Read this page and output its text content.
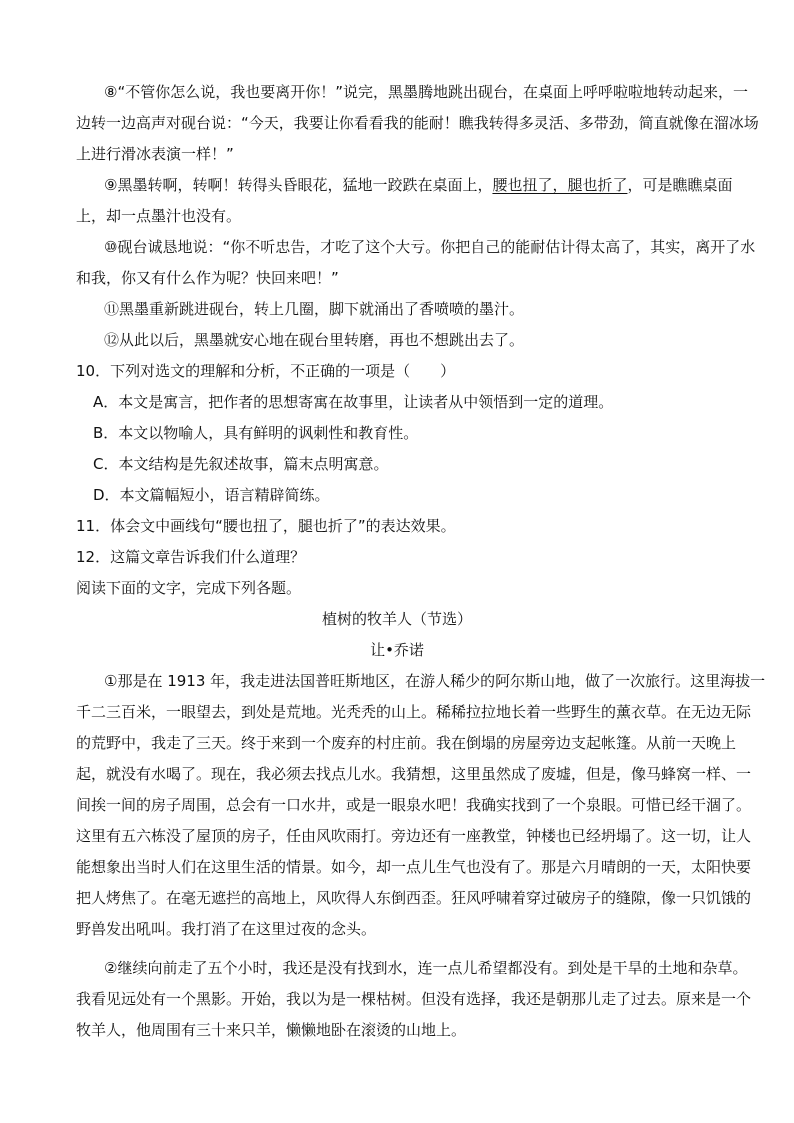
⑧“不管你怎么说，我也要离开你！”说完，黑墨腾地跳出砚台，在桌面上呼呼啦啦地转动起来，一
边转一边高声对砚台说：“今天，我要让你看看我的能耐！瞧我转得多灵活、多带劲，简直就像在溜冰场
上进行滑冰表演一样！”
⑨黑墨转啊，转啊！转得头昏眼花，猛地一跤跌在桌面上，腰也扭了，腿也折了，可是瞧瞧桌面
上，却一点墨汁也没有。
⑩砚台诚恳地说：“你不听忠告，才吃了这个大亏。你把自己的能耐估计得太高了，其实，离开了水
和我，你又有什么作为呢？快回来吧！”
⑪黑墨重新跳进砚台，转上几圈，脚下就涌出了香喷喷的墨汁。
⑫从此以后，黑墨就安心地在砚台里转磨，再也不想跳出去了。
10．下列对选文的理解和分析，不正确的一项是（　　）
A．本文是寓言，把作者的思想寄寓在故事里，让读者从中领悟到一定的道理。
B．本文以物喻人，具有鲜明的讽刺性和教育性。
C．本文结构是先叙述故事，篇末点明寓意。
D．本文篇幅短小，语言精辟简练。
11．体会文中画线句“腰也扭了，腿也折了”的表达效果。
12．这篇文章告诉我们什么道理？
阅读下面的文字，完成下列各题。
植树的牧羊人（节选）
让•乔诺
①那是在 1913 年，我走进法国普旺斯地区，在游人稀少的阿尔斯山地，做了一次旅行。这里海拔一
千二三百米，一眼望去，到处是荒地。光秃秃的山上。稀稀拉拉地长着一些野生的薰衣草。在无边无际
的荒野中，我走了三天。终于来到一个废弃的村庄前。我在倒塌的房屋旁边支起帐篷。从前一天晚上
起，就没有水喝了。现在，我必须去找点儿水。我猜想，这里虽然成了废墟，但是，像马蜂窝一样、一
间挨一间的房子周围，总会有一口水井，或是一眼泉水吧！我确实找到了一个泉眼。可惜已经干涸了。
这里有五六栋没了屋顶的房子，任由风吹雨打。旁边还有一座教堂，钟楼也已经坍塌了。这一切，让人
能想象出当时人们在这里生活的情景。如今，却一点儿生气也没有了。那是六月晴朗的一天，太阳快要
把人烤焦了。在毫无遮拦的高地上，风吹得人东倒西歪。狂风呼啸着穿过破房子的缝隙，像一只饥饿的
野兽发出吼叫。我打消了在这里过夜的念头。
②继续向前走了五个小时，我还是没有找到水，连一点儿希望都没有。到处是干旱的土地和杂草。
我看见远处有一个黑影。开始，我以为是一棵枯树。但没有选择，我还是朝那儿走了过去。原来是一个
牧羊人，他周围有三十来只羊，懒懒地卧在滚烫的山地上。
